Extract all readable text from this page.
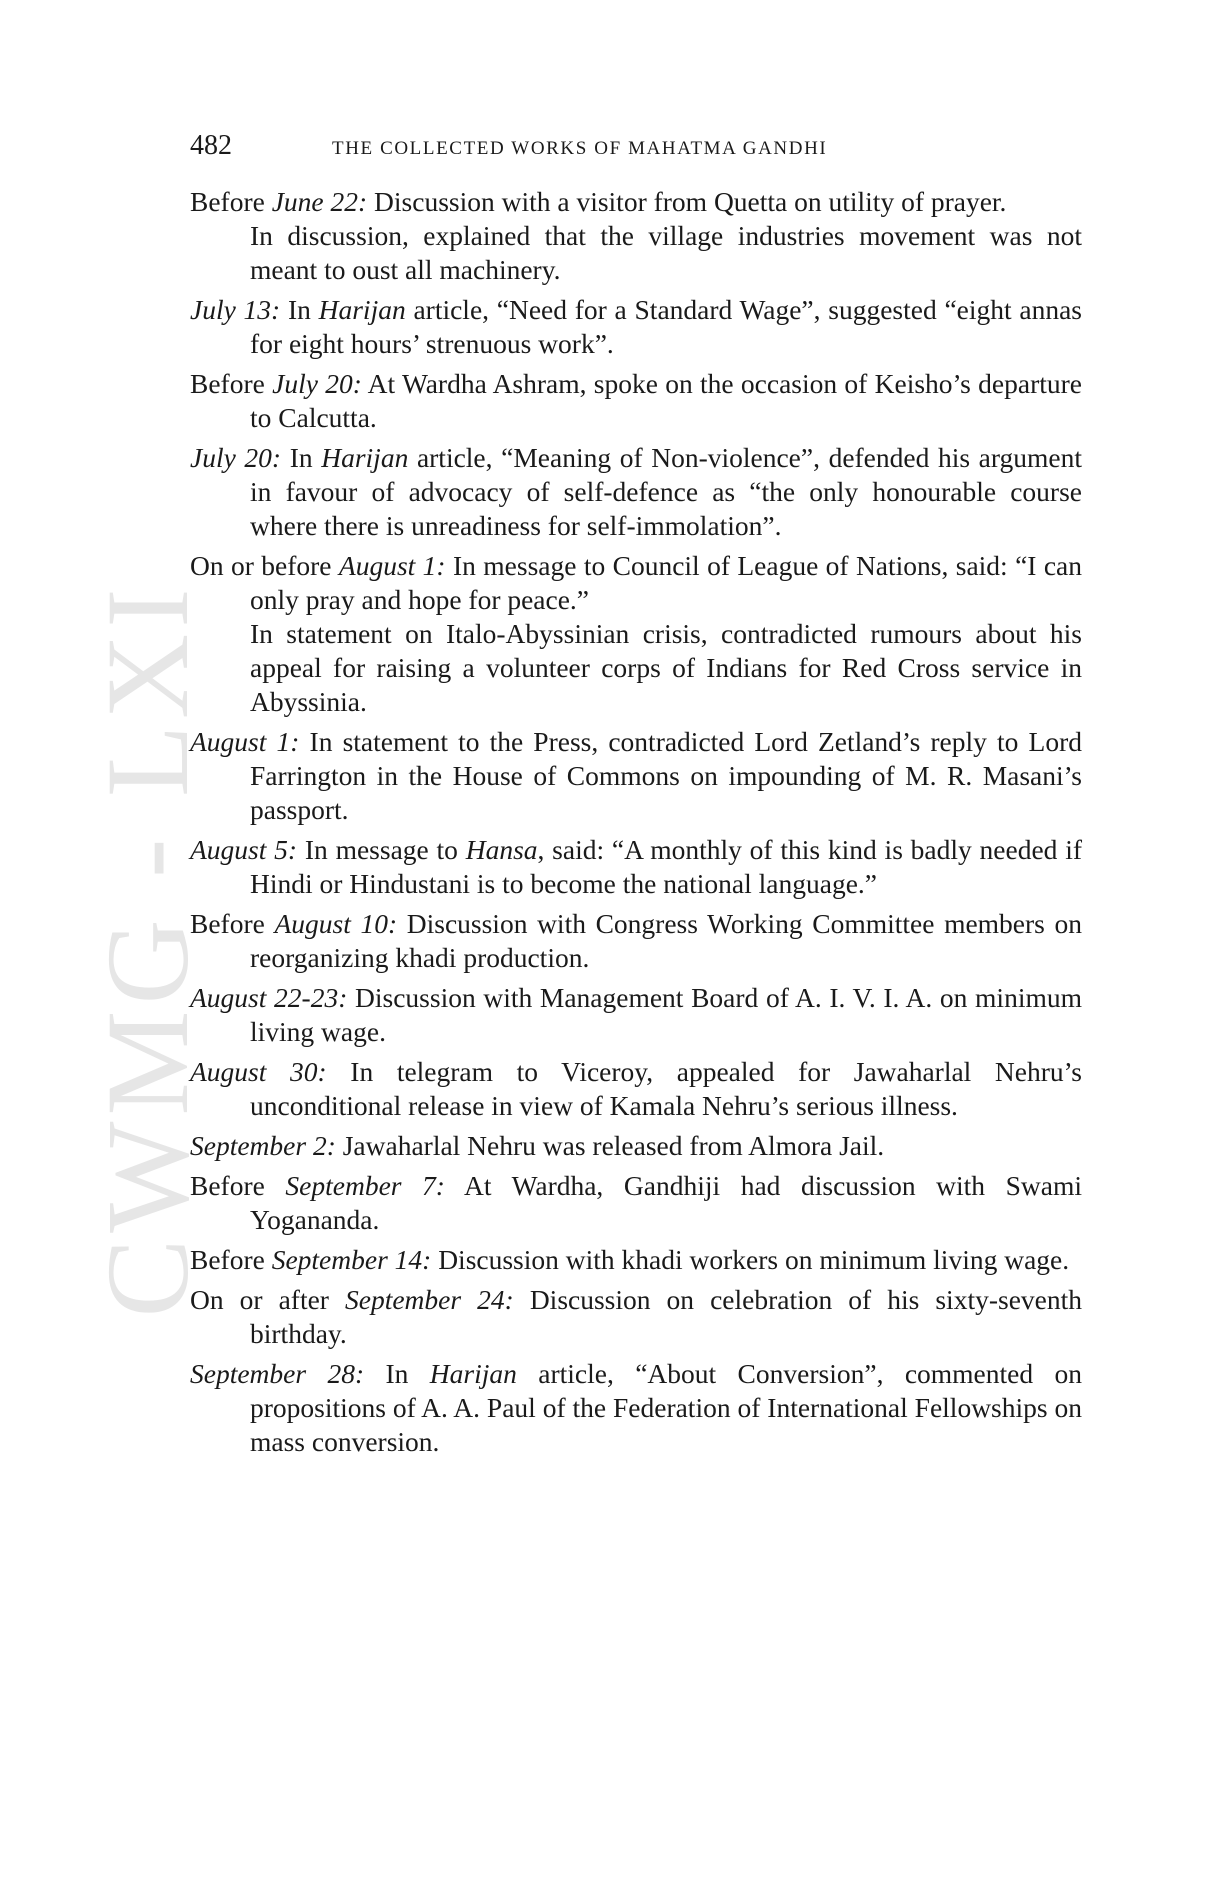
CWMG - LXI
482	THE COLLECTED WORKS OF MAHATMA GANDHI

Before June 22: Discussion with a visitor from Quetta on utility of prayer.

In discussion, explained that the village industries movement was not meant to oust all machinery.

July 13: In Harijan article, “Need for a Standard Wage”, suggested “eight annas for eight hours’ strenuous work”.

Before July 20: At Wardha Ashram, spoke on the occasion of Keisho’s departure to Calcutta.

July 20: In Harijan article, “Meaning of Non-violence”, defended his argument in favour of advocacy of self-defence as “the only honourable course where there is unreadiness for self-immolation”.

On or before August 1: In message to Council of League of Nations, said: “I can only pray and hope for peace.”

In statement on Italo-Abyssinian crisis, contradicted rumours about his appeal for raising a volunteer corps of Indians for Red Cross service in Abyssinia.

August 1: In statement to the Press, contradicted Lord Zetland’s reply to Lord Farrington in the House of Commons on impounding of M. R. Masani’s passport.

August 5: In message to Hansa, said: “A monthly of this kind is badly needed if Hindi or Hindustani is to become the national language.”

Before August 10: Discussion with Congress Working Committee members on reorganizing khadi production.

August 22-23: Discussion with Management Board of A. I. V. I. A. on minimum living wage.

August 30: In telegram to Viceroy, appealed for Jawaharlal Nehru’s unconditional release in view of Kamala Nehru’s serious illness.

September 2: Jawaharlal Nehru was released from Almora Jail.

Before September 7: At Wardha, Gandhiji had discussion with Swami Yogananda.

Before September 14: Discussion with khadi workers on minimum living wage.

On or after September 24: Discussion on celebration of his sixty-seventh birthday.

September 28: In Harijan article, “About Conversion”, commented on propositions of A. A. Paul of the Federation of International Fellowships on mass conversion.
